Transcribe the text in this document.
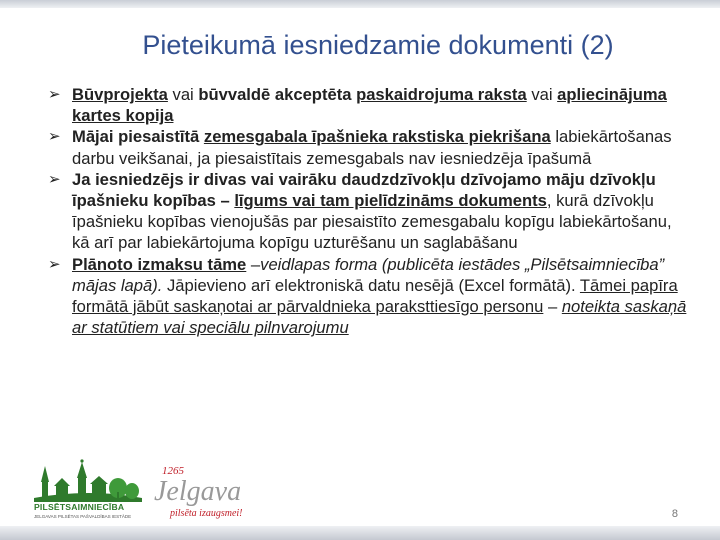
Pieteikumā iesniedzamie dokumenti (2)
➢ Būvprojekta vai būvvaldē akceptēta paskaidrojuma raksta vai apliecinājuma kartes kopija
➢ Mājai piesaistītā zemesgabala īpašnieka rakstiska piekrišana labiekārtošanas darbu veikšanai, ja piesaistītais zemesgabals nav iesniedzēja īpašumā
➢ Ja iesniedzējs ir divas vai vairāku daudzdzīvokļu dzīvojamo māju dzīvokļu īpašnieku kopības – līgums vai tam pielīdzināms dokuments, kurā dzīvokļu īpašnieku kopības vienojušās par piesaistīto zemesgabalu kopīgu labiekārtošanu, kā arī par labiekārtojuma kopīgu uzturēšanu un saglabāšanu
➢ Plānoto izmaksu tāme –veidlapas forma (publicēta iestādes „Pilsētsaimniecība” mājas lapā). Jāpievieno arī elektroniskā datu nesējā (Excel formātā). Tāmei papīra formātā jābūt saskaņotai ar pārvaldnieka paraksttiesīgo personu – noteikta saskaņā ar statūtiem vai speciālu pilnvarojumu
PILSĒTSAIMNIECĪBA
JELGAVAS PILSĒTAS PAŠVALDĪBAS IESTĀDE
1265
Jelgava
pilsēta izaugsmei!	8
